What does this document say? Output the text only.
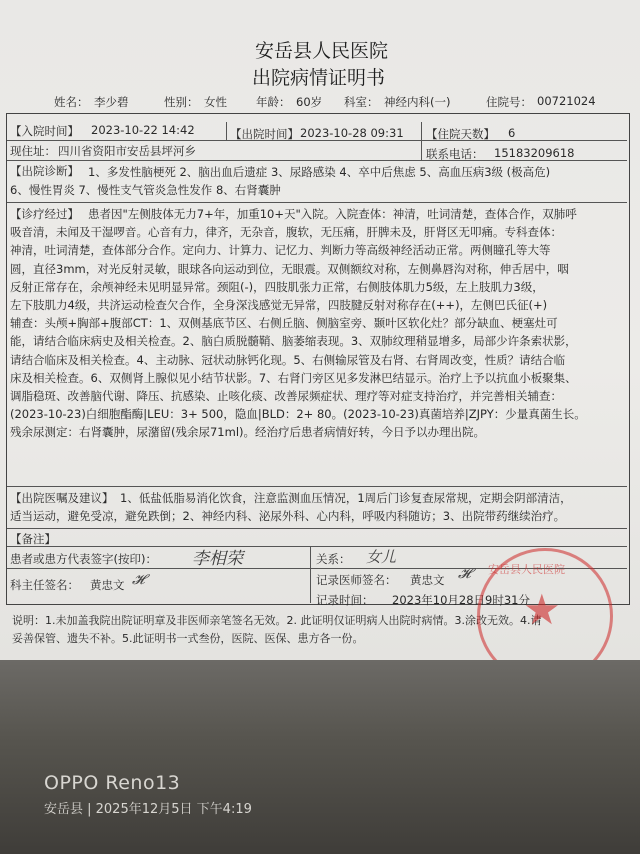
安岳县人民医院
出院病情证明书
姓名： 李少碧	性别： 女性	年龄： 60岁 科室： 神经内科(一)	住院号： 00721024
【入院时间】 2023-10-22 14:42	【出院时间】 2023-10-28 09:31 【住院天数】 6
现住址： 四川省资阳市安岳县坪河乡	联系电话： 15183209618
【出院诊断】 1、多发性脑梗死 2、脑出血后遗症 3、尿路感染 4、卒中后焦虑 5、高血压病3级 (极高危)
6、慢性胃炎 7、慢性支气管炎急性发作 8、右肾囊肿
【诊疗经过】 患者因"左侧肢体无力7+年，加重10+天"入院。入院查体：神清，吐词清楚，查体合作，双肺呼
吸音清，未闻及干湿啰音。心音有力，律齐，无杂音，腹软，无压痛，肝脾未及，肝肾区无叩痛。专科查体：
神清，吐词清楚，查体部分合作。定向力、计算力、记忆力、判断力等高级神经活动正常。两侧瞳孔等大等
圆，直径3mm，对光反射灵敏，眼球各向运动到位，无眼震。双侧额纹对称，左侧鼻唇沟对称，伸舌居中，咽
反射正常存在，余颅神经未见明显异常。颈阻(-)，四肢肌张力正常，右侧肢体肌力5级，左上肢肌力3级，
左下肢肌力4级，共济运动检查欠合作，全身深浅感觉无异常，四肢腱反射对称存在(++)，左侧巴氏征(+)
辅查：头颅+胸部+腹部CT：1、双侧基底节区、右侧丘脑、侧脑室旁、颞叶区软化灶？部分缺血、梗塞灶可
能，请结合临床病史及相关检查。2、脑白质脱髓鞘、脑萎缩表现。3、双肺纹理稍显增多，局部少许条索状影，
请结合临床及相关检查。4、主动脉、冠状动脉钙化现。5、右侧输尿管及右肾、右肾周改变，性质？请结合临
床及相关检查。6、双侧肾上腺似见小结节状影。7、右肾门旁区见多发淋巴结显示。治疗上予以抗血小板聚集、
调脂稳斑、改善脑代谢、降压、抗感染、止咳化痰、改善尿频症状、理疗等对症支持治疗，并完善相关辅查：
(2023-10-23)白细胞酯酶|LEU：3+ 500，隐血|BLD：2+ 80。(2023-10-23)真菌培养|ZJPY：少量真菌生长。
残余尿测定：右肾囊肿，尿潴留(残余尿71ml)。经治疗后患者病情好转，今日予以办理出院。
【出院医嘱及建议】 1、低盐低脂易消化饮食，注意监测血压情况，1周后门诊复查尿常规，定期会阴部清洁，
适当运动，避免受凉，避免跌倒；2、神经内科、泌尿外科、心内科，呼吸内科随访；3、出院带药继续治疗。
【备注】
患者或患方代表签字(按印)： 李相荣	关系： 女儿
科主任签名： 黄忠文 𝓗	记录医师签名： 黄忠文 𝓗
记录时间： 2023年10月28日9时31分
说明：1.未加盖我院出院证明章及非医师亲笔签名无效。2. 此证明仅证明病人出院时病情。3.涂改无效。4.请
妥善保管、遗失不补。5.此证明书一式叁份，医院、医保、患方各一份。
安岳县人民医院
★
OPPO Reno13
安岳县 | 2025年12月5日 下午4:19
